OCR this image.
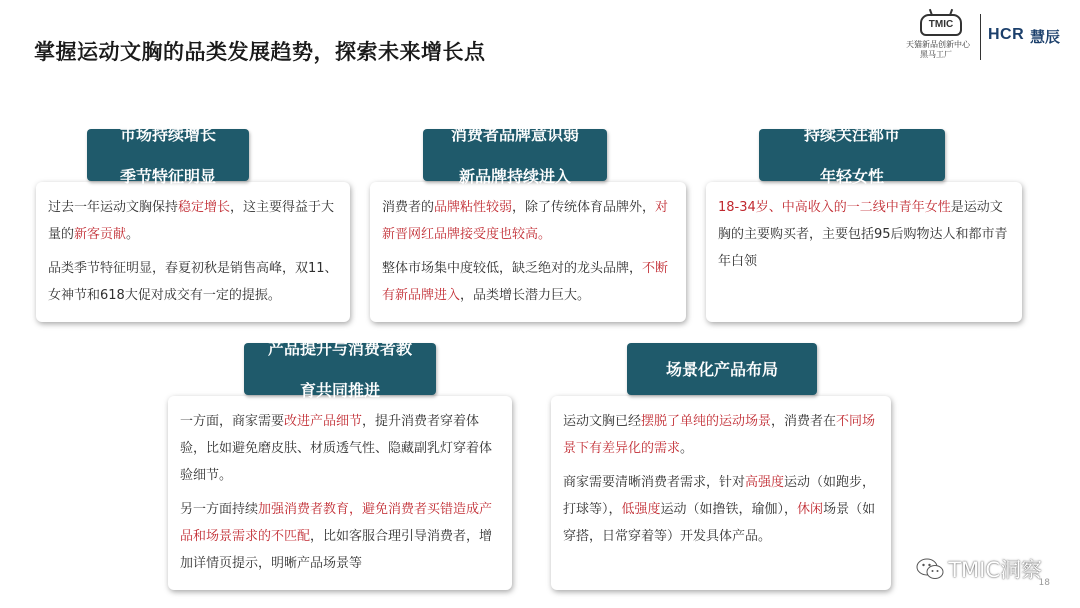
掌握运动文胸的品类发展趋势，探索未来增长点
TMIC
天猫新品创新中心
黑马工厂
HCR 慧辰

过去一年运动文胸保持稳定增长，这主要得益于大量的新客贡献。

品类季节特征明显，春夏初秋是销售高峰，双11、女神节和618大促对成交有一定的提振。

市场持续增长

季节特征明显

消费者的品牌粘性较弱，除了传统体育品牌外，对新晋网红品牌接受度也较高。

整体市场集中度较低，缺乏绝对的龙头品牌，不断有新品牌进入，品类增长潜力巨大。

消费者品牌意识弱

新品牌持续进入

18-34岁、中高收入的一二线中青年女性是运动文胸的主要购买者，主要包括95后购物达人和都市青年白领

持续关注都市

年轻女性

一方面，商家需要改进产品细节，提升消费者穿着体验，比如避免磨皮肤、材质透气性、隐藏副乳灯穿着体验细节。

另一方面持续加强消费者教育，避免消费者买错造成产品和场景需求的不匹配，比如客服合理引导消费者，增加详情页提示，明晰产品场景等

产品提升与消费者教

育共同推进

运动文胸已经摆脱了单纯的运动场景，消费者在不同场景下有差异化的需求。

商家需要清晰消费者需求，针对高强度运动（如跑步，打球等），低强度运动（如撸铁，瑜伽），休闲场景（如穿搭，日常穿着等）开发具体产品。

场景化产品布局
TMIC洞察
18
